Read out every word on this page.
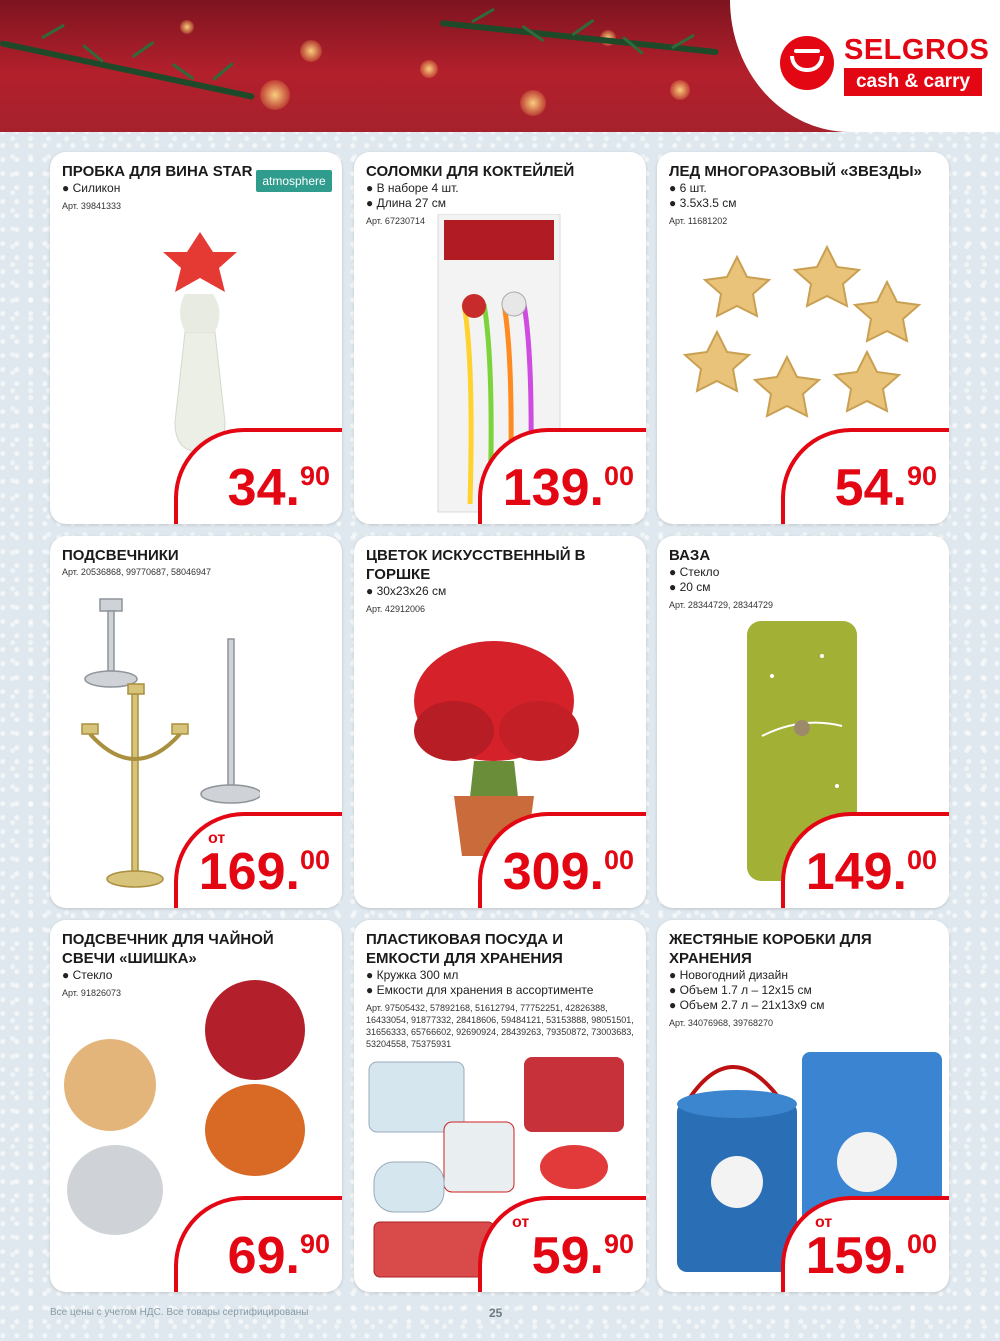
SELGROS
cash & carry
ПРОБКА ДЛЯ ВИНА STAR
atmosphere
● Силикон
Арт. 39841333
34.90
СОЛОМКИ ДЛЯ КОКТЕЙЛЕЙ
● В наборе 4 шт.
● Длина 27 см
Арт. 67230714
139.00
ЛЕД МНОГОРАЗОВЫЙ «ЗВЕЗДЫ»
● 6 шт.
● 3.5х3.5 см
Арт. 11681202
54.90
ПОДСВЕЧНИКИ
Арт. 20536868, 99770687, 58046947
от
169.00
ЦВЕТОК ИСКУССТВЕННЫЙ В ГОРШКЕ
● 30х23х26 см
Арт. 42912006
309.00
ВАЗА
● Стекло
● 20 см
Арт. 28344729, 28344729
149.00
ПОДСВЕЧНИК ДЛЯ ЧАЙНОЙ СВЕЧИ «ШИШКА»
● Стекло
Арт. 91826073
69.90
ПЛАСТИКОВАЯ ПОСУДА И ЕМКОСТИ ДЛЯ ХРАНЕНИЯ
● Кружка 300 мл
● Емкости для хранения в ассортименте
Арт. 97505432, 57892168, 51612794, 77752251, 42826388, 16433054, 91877332, 28418606, 59484121, 53153888, 98051501, 31656333, 65766602, 92690924, 28439263, 79350872, 73003683, 53204558, 75375931
от
59.90
ЖЕСТЯНЫЕ КОРОБКИ ДЛЯ ХРАНЕНИЯ
● Новогодний дизайн
● Объем 1.7 л – 12х15 см
● Объем 2.7 л – 21х13х9 см
Арт. 34076968, 39768270
от
159.00
Все цены с учетом НДС. Все товары сертифицированы	25
